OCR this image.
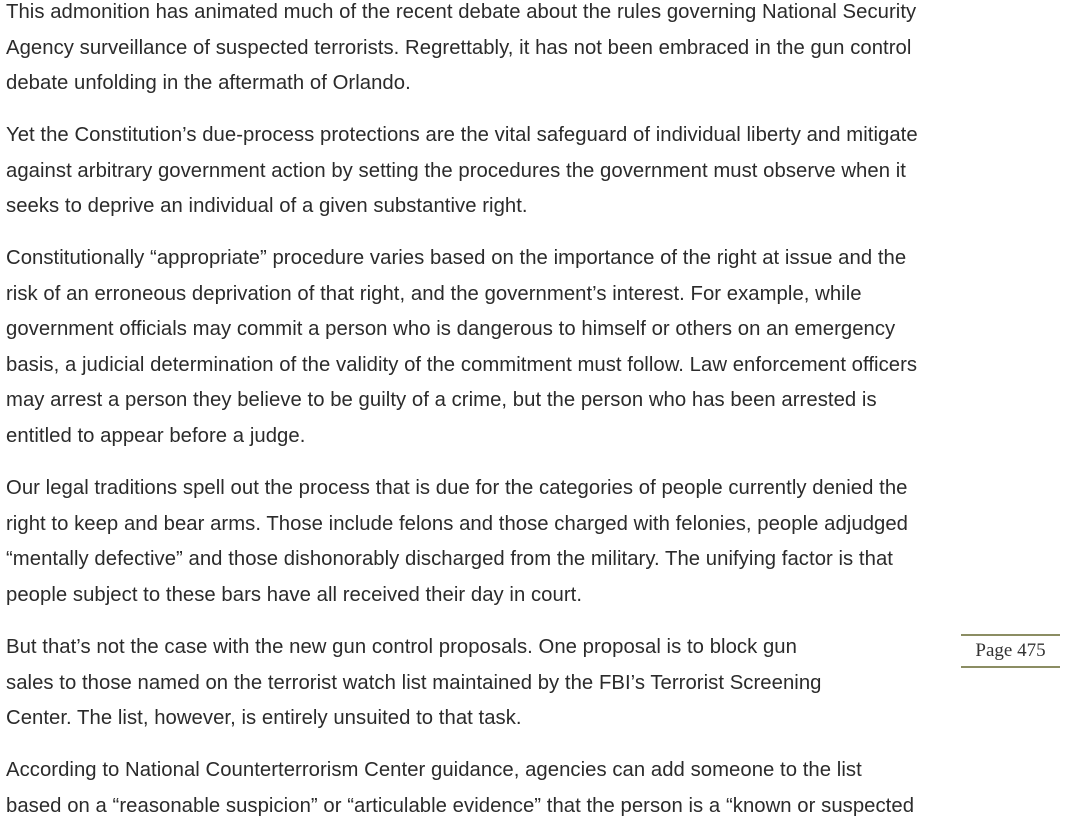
This admonition has animated much of the recent debate about the rules governing National Security
Agency surveillance of suspected terrorists. Regrettably, it has not been embraced in the gun control
debate unfolding in the aftermath of Orlando.

Yet the Constitution’s due-process protections are the vital safeguard of individual liberty and mitigate
against arbitrary government action by setting the procedures the government must observe when it
seeks to deprive an individual of a given substantive right.

Constitutionally “appropriate” procedure varies based on the importance of the right at issue and the
risk of an erroneous deprivation of that right, and the government’s interest. For example, while
government officials may commit a person who is dangerous to himself or others on an emergency
basis, a judicial determination of the validity of the commitment must follow. Law enforcement officers
may arrest a person they believe to be guilty of a crime, but the person who has been arrested is
entitled to appear before a judge.

Our legal traditions spell out the process that is due for the categories of people currently denied the
right to keep and bear arms. Those include felons and those charged with felonies, people adjudged
“mentally defective” and those dishonorably discharged from the military. The unifying factor is that
people subject to these bars have all received their day in court.

But that’s not the case with the new gun control proposals. One proposal is to block gun
sales to those named on the terrorist watch list maintained by the FBI’s Terrorist Screening
Center. The list, however, is entirely unsuited to that task.

According to National Counterterrorism Center guidance, agencies can add someone to the list
based on a “reasonable suspicion” or “articulable evidence” that the person is a “known or suspected

Page 475
